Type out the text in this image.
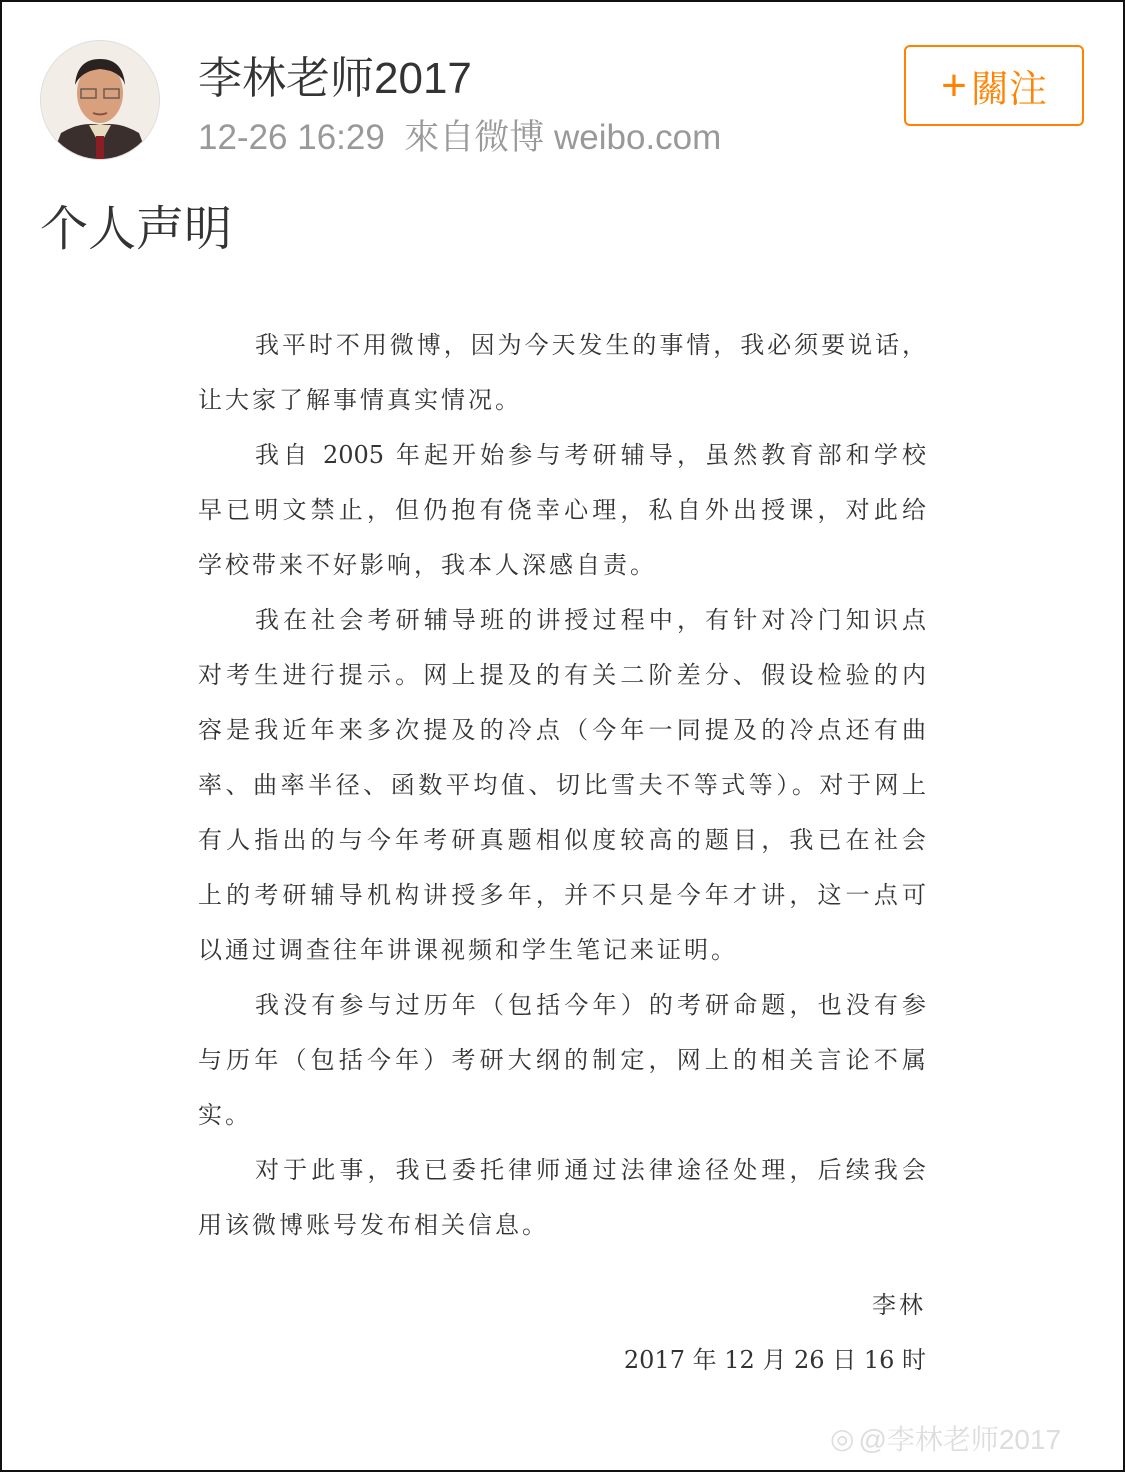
李林老师2017
12-26 16:29 來自微博 weibo.com
+ 關注
个人声明
我平时不用微博，因为今天发生的事情，我必须要说话，
让大家了解事情真实情况。
我自 2005 年起开始参与考研辅导，虽然教育部和学校
早已明文禁止，但仍抱有侥幸心理，私自外出授课，对此给
学校带来不好影响，我本人深感自责。
我在社会考研辅导班的讲授过程中，有针对冷门知识点
对考生进行提示。网上提及的有关二阶差分、假设检验的内
容是我近年来多次提及的冷点（今年一同提及的冷点还有曲
率、曲率半径、函数平均值、切比雪夫不等式等）。对于网上
有人指出的与今年考研真题相似度较高的题目，我已在社会
上的考研辅导机构讲授多年，并不只是今年才讲，这一点可
以通过调查往年讲课视频和学生笔记来证明。
我没有参与过历年（包括今年）的考研命题，也没有参
与历年（包括今年）考研大纲的制定，网上的相关言论不属
实。
对于此事，我已委托律师通过法律途径处理，后续我会
用该微博账号发布相关信息。
李林
2017 年 12 月 26 日 16 时
◎ @李林老师2017
